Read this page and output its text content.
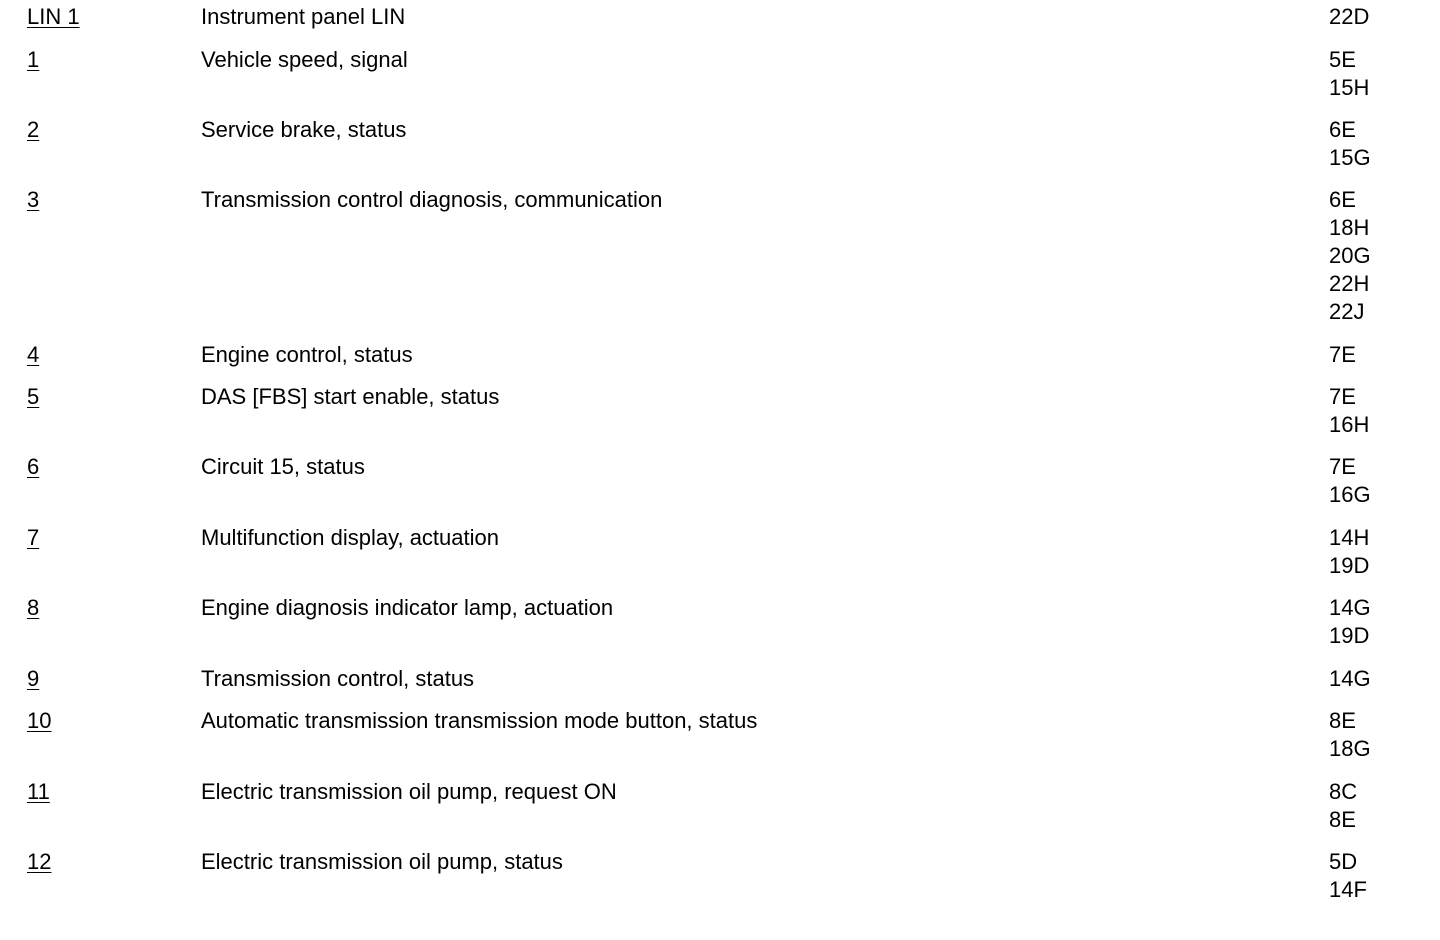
LIN 1	Instrument panel LIN	22D
1	Vehicle speed, signal	5E
15H
2	Service brake, status	6E
15G
3	Transmission control diagnosis, communication	6E
18H
20G
22H
22J
4	Engine control, status	7E
5	DAS [FBS] start enable, status	7E
16H
6	Circuit 15, status	7E
16G
7	Multifunction display, actuation	14H
19D
8	Engine diagnosis indicator lamp, actuation	14G
19D
9	Transmission control, status	14G
10	Automatic transmission transmission mode button, status	8E
18G
11	Electric transmission oil pump, request ON	8C
8E
12	Electric transmission oil pump, status	5D
14F
